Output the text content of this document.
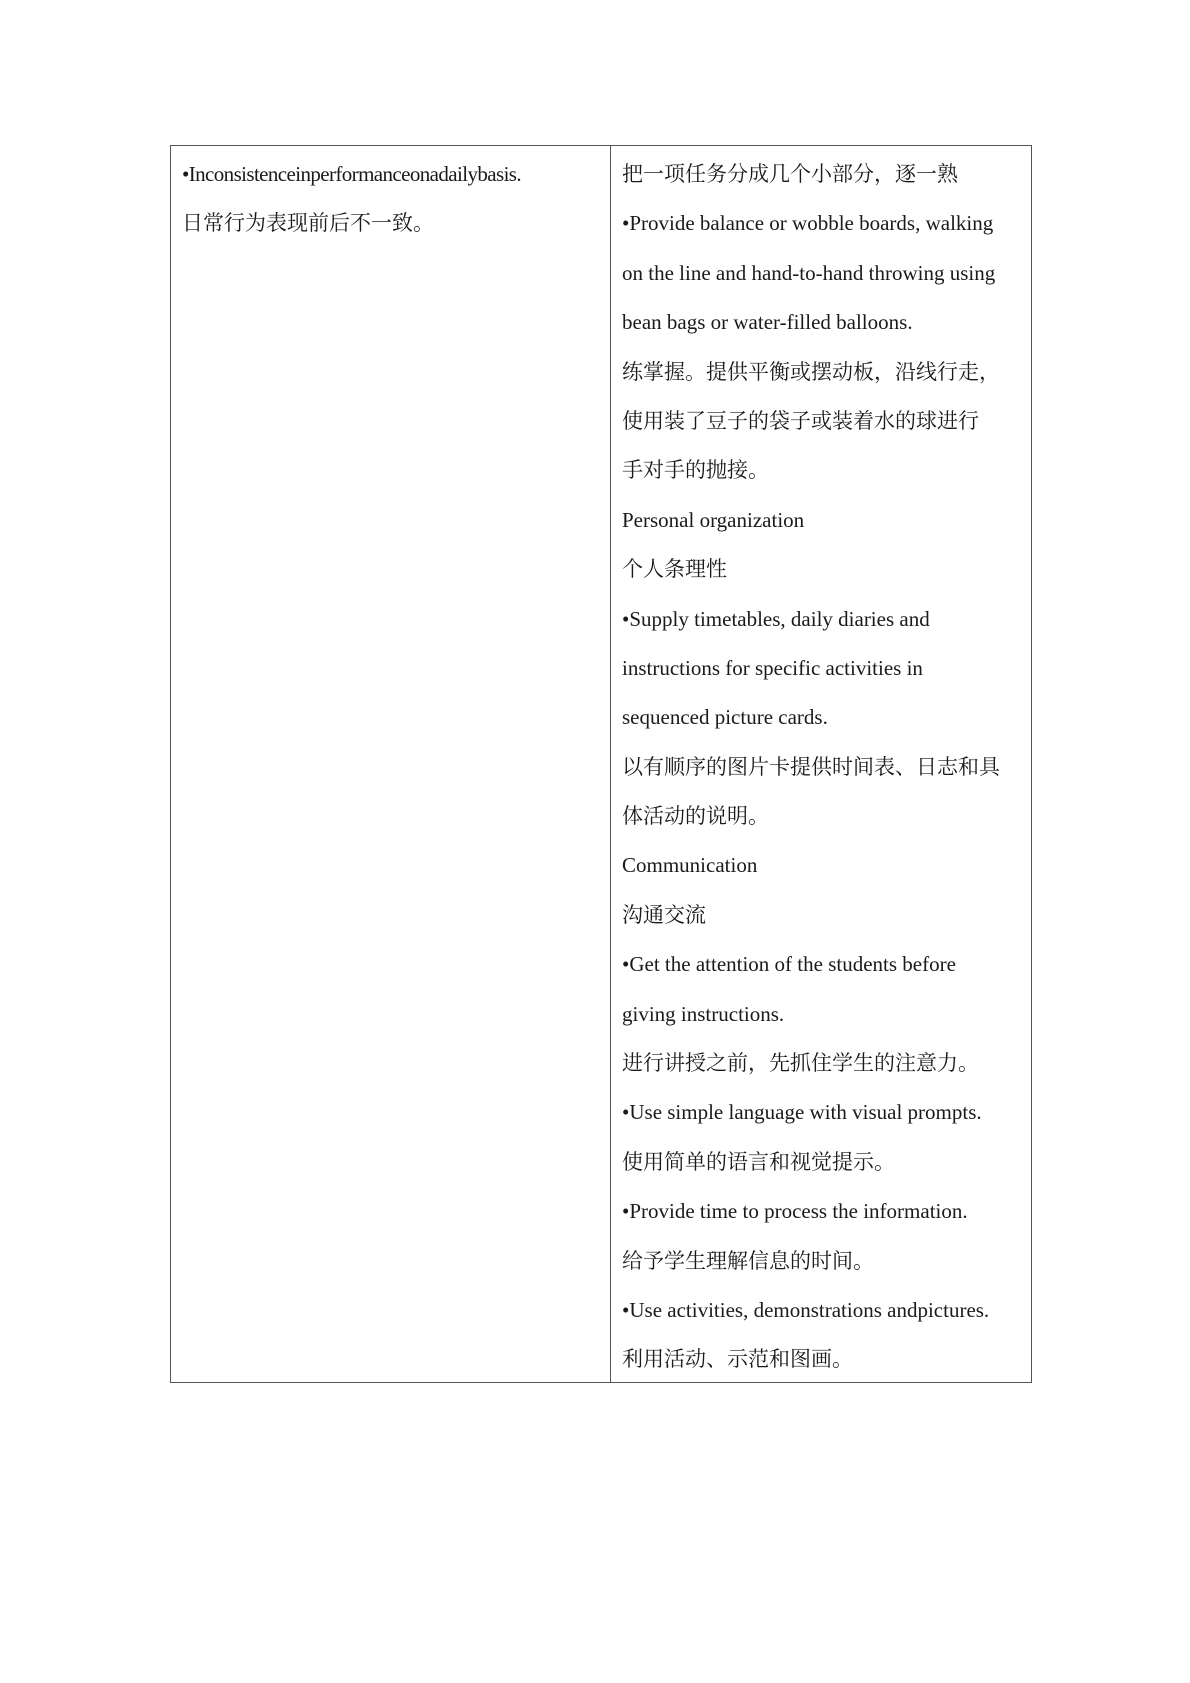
•Inconsistenceinperformanceonadailybasis.
日常行为表现前后不一致。
把一项任务分成几个小部分，逐一熟
•Provide balance or wobble boards, walking
on the line and hand-to-hand throwing using
bean bags or water-filled balloons.
练掌握。提供平衡或摆动板，沿线行走，
使用装了豆子的袋子或装着水的球进行
手对手的抛接。
Personal organization
个人条理性
•Supply timetables, daily diaries and
instructions for specific activities in
sequenced picture cards.
以有顺序的图片卡提供时间表、日志和具
体活动的说明。
Communication
沟通交流
•Get the attention of the students before
giving instructions.
进行讲授之前，先抓住学生的注意力。
•Use simple language with visual prompts.
使用简单的语言和视觉提示。
•Provide time to process the information.
给予学生理解信息的时间。
•Use activities, demonstrations andpictures.
利用活动、示范和图画。
